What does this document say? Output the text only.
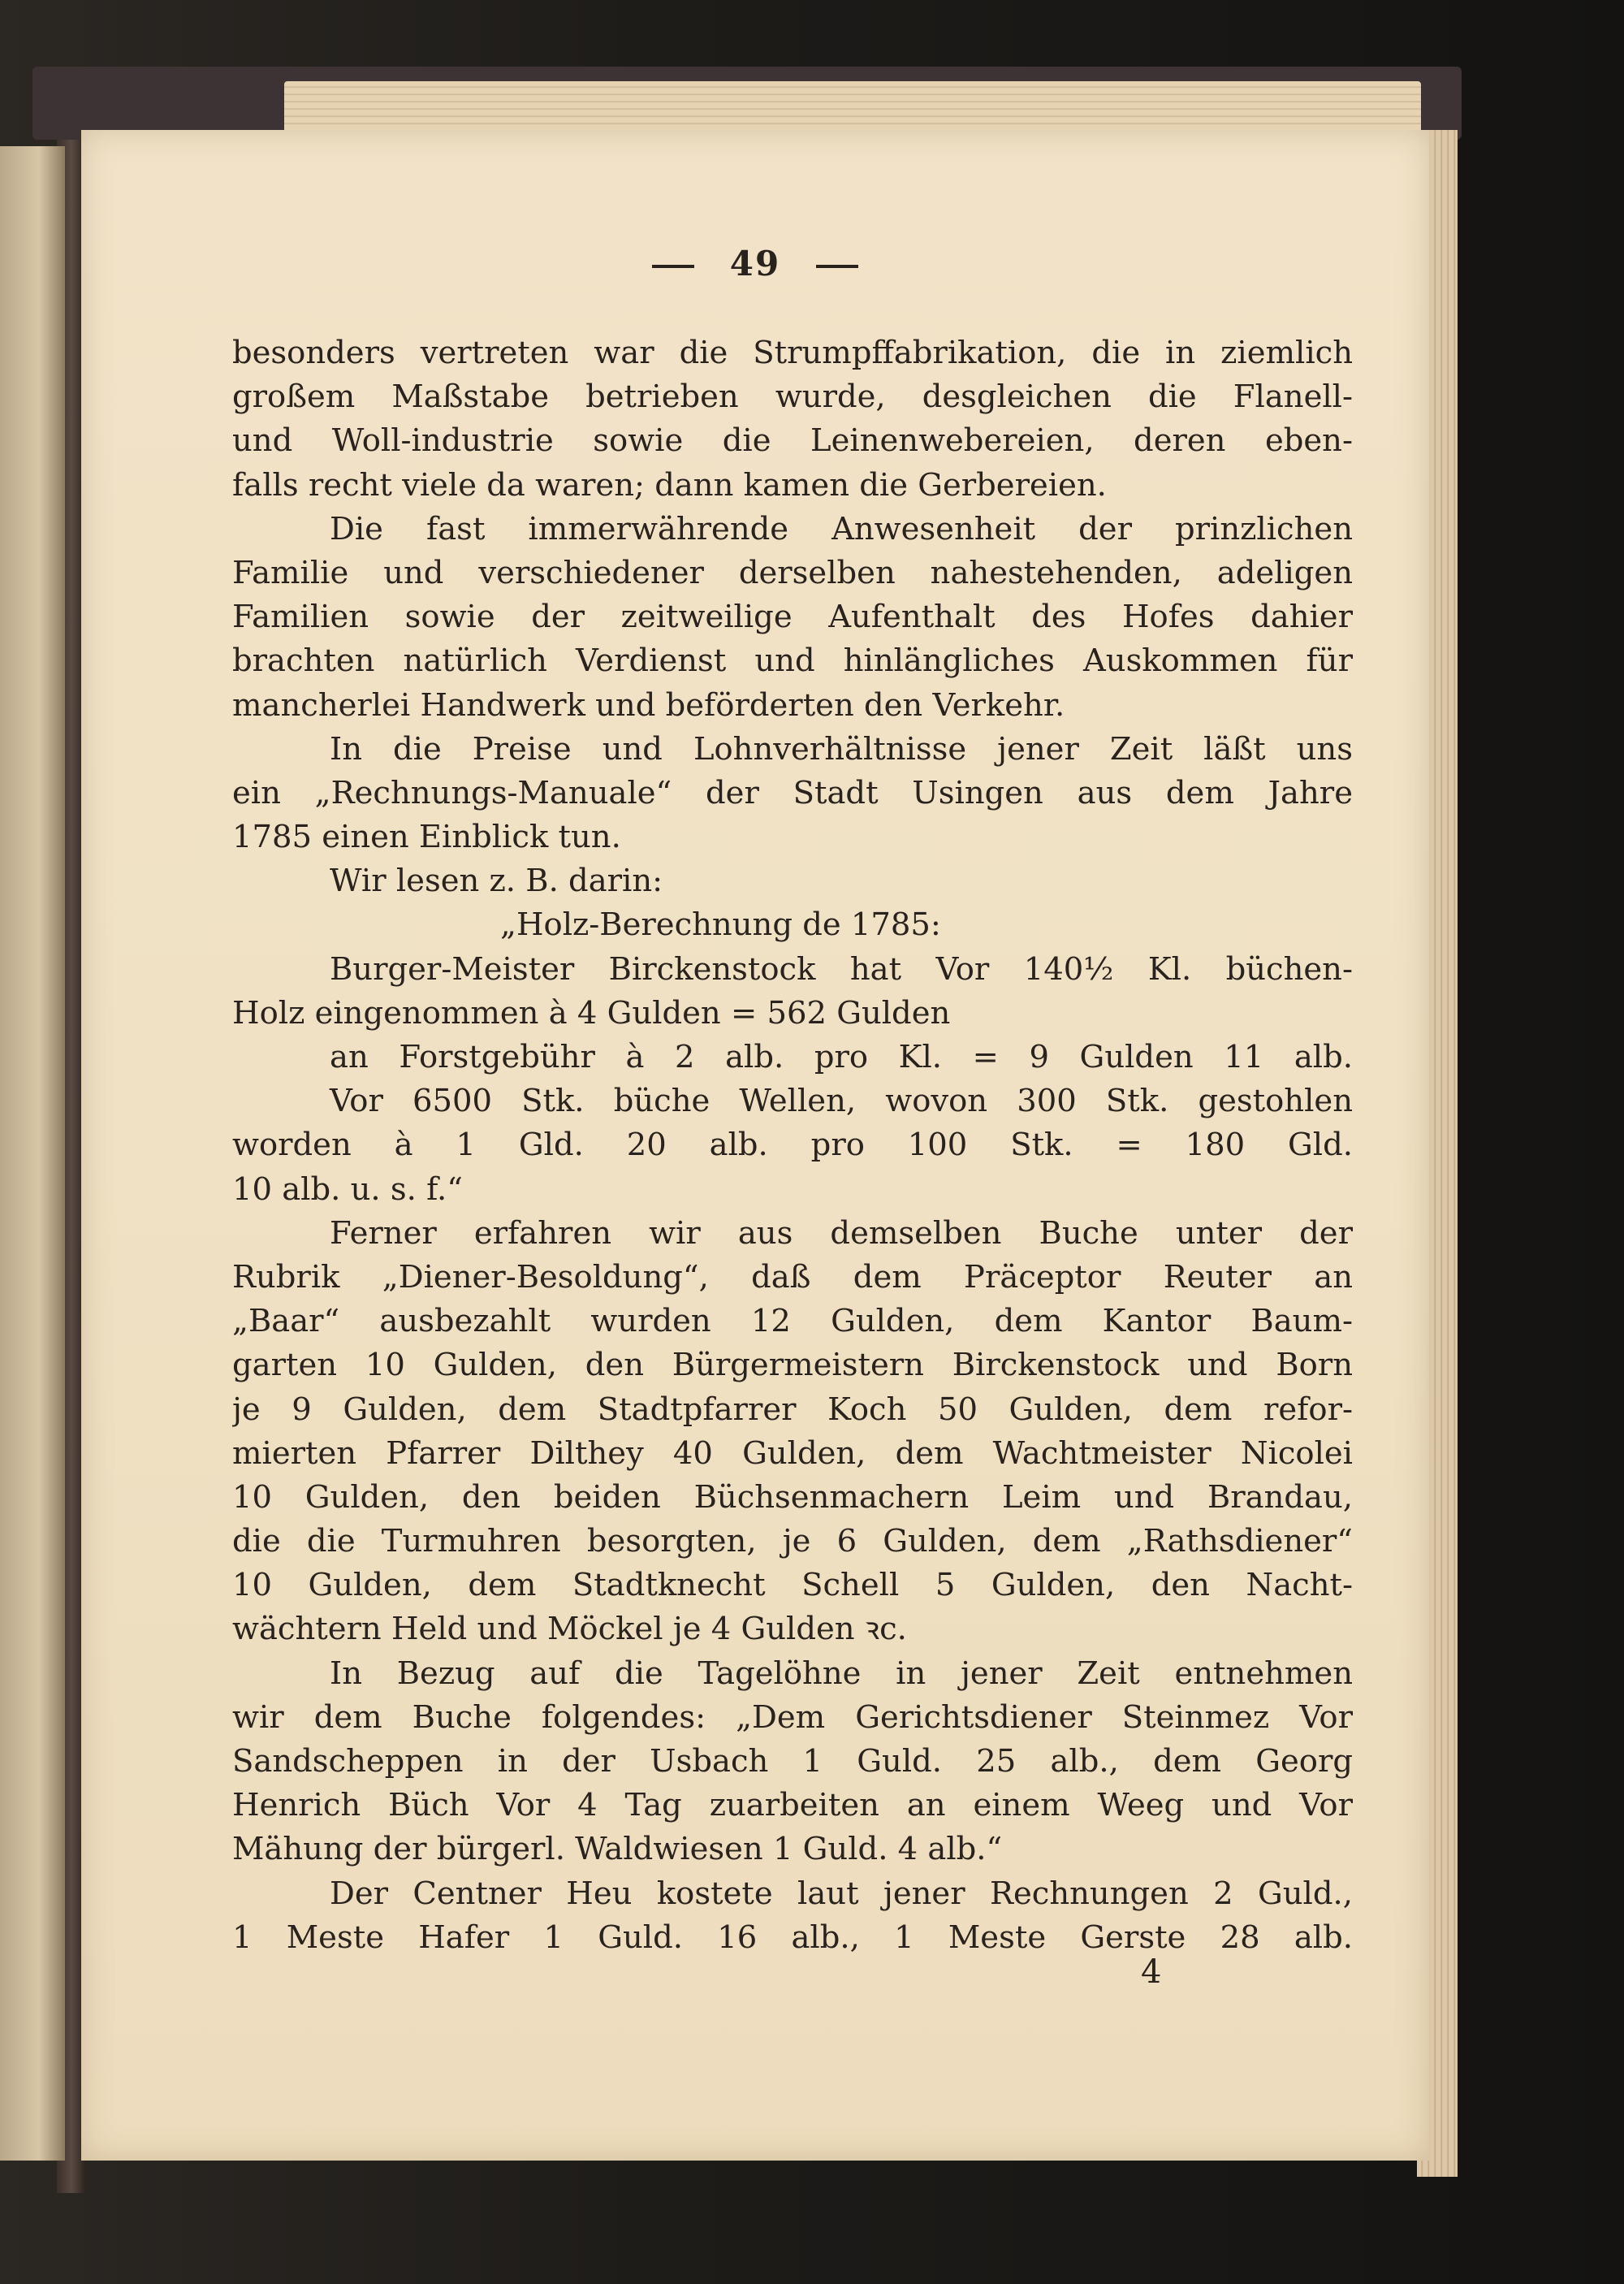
49
besonders vertreten war die Strumpffabrikation, die in ziemlich
großem Maßstabe betrieben wurde, desgleichen die Flanell-
und Woll-industrie sowie die Leinenwebereien, deren eben-
falls recht viele da waren; dann kamen die Gerbereien.
Die fast immerwährende Anwesenheit der prinzlichen
Familie und verschiedener derselben nahestehenden, adeligen
Familien sowie der zeitweilige Aufenthalt des Hofes dahier
brachten natürlich Verdienst und hinlängliches Auskommen für
mancherlei Handwerk und beförderten den Verkehr.
In die Preise und Lohnverhältnisse jener Zeit läßt uns
ein „Rechnungs-Manuale“ der Stadt Usingen aus dem Jahre
1785 einen Einblick tun.
Wir lesen z. B. darin:
„Holz-Berechnung de 1785:
Burger-Meister Birckenstock hat Vor 140½ Kl. büchen-
Holz eingenommen à 4 Gulden = 562 Gulden
an Forstgebühr à 2 alb. pro Kl. = 9 Gulden 11 alb.
Vor 6500 Stk. büche Wellen, wovon 300 Stk. gestohlen
worden à 1 Gld. 20 alb. pro 100 Stk. = 180 Gld.
10 alb. u. s. f.“
Ferner erfahren wir aus demselben Buche unter der
Rubrik „Diener-Besoldung“, daß dem Präceptor Reuter an
„Baar“ ausbezahlt wurden 12 Gulden, dem Kantor Baum-
garten 10 Gulden, den Bürgermeistern Birckenstock und Born
je 9 Gulden, dem Stadtpfarrer Koch 50 Gulden, dem refor-
mierten Pfarrer Dilthey 40 Gulden, dem Wachtmeister Nicolei
10 Gulden, den beiden Büchsenmachern Leim und Brandau,
die die Turmuhren besorgten, je 6 Gulden, dem „Rathsdiener“
10 Gulden, dem Stadtknecht Schell 5 Gulden, den Nacht-
wächtern Held und Möckel je 4 Gulden ꝛc.
In Bezug auf die Tagelöhne in jener Zeit entnehmen
wir dem Buche folgendes: „Dem Gerichtsdiener Steinmez Vor
Sandscheppen in der Usbach 1 Guld. 25 alb., dem Georg
Henrich Büch Vor 4 Tag zuarbeiten an einem Weeg und Vor
Mähung der bürgerl. Waldwiesen 1 Guld. 4 alb.“
Der Centner Heu kostete laut jener Rechnungen 2 Guld.,
1 Meste Hafer 1 Guld. 16 alb., 1 Meste Gerste 28 alb.
4
